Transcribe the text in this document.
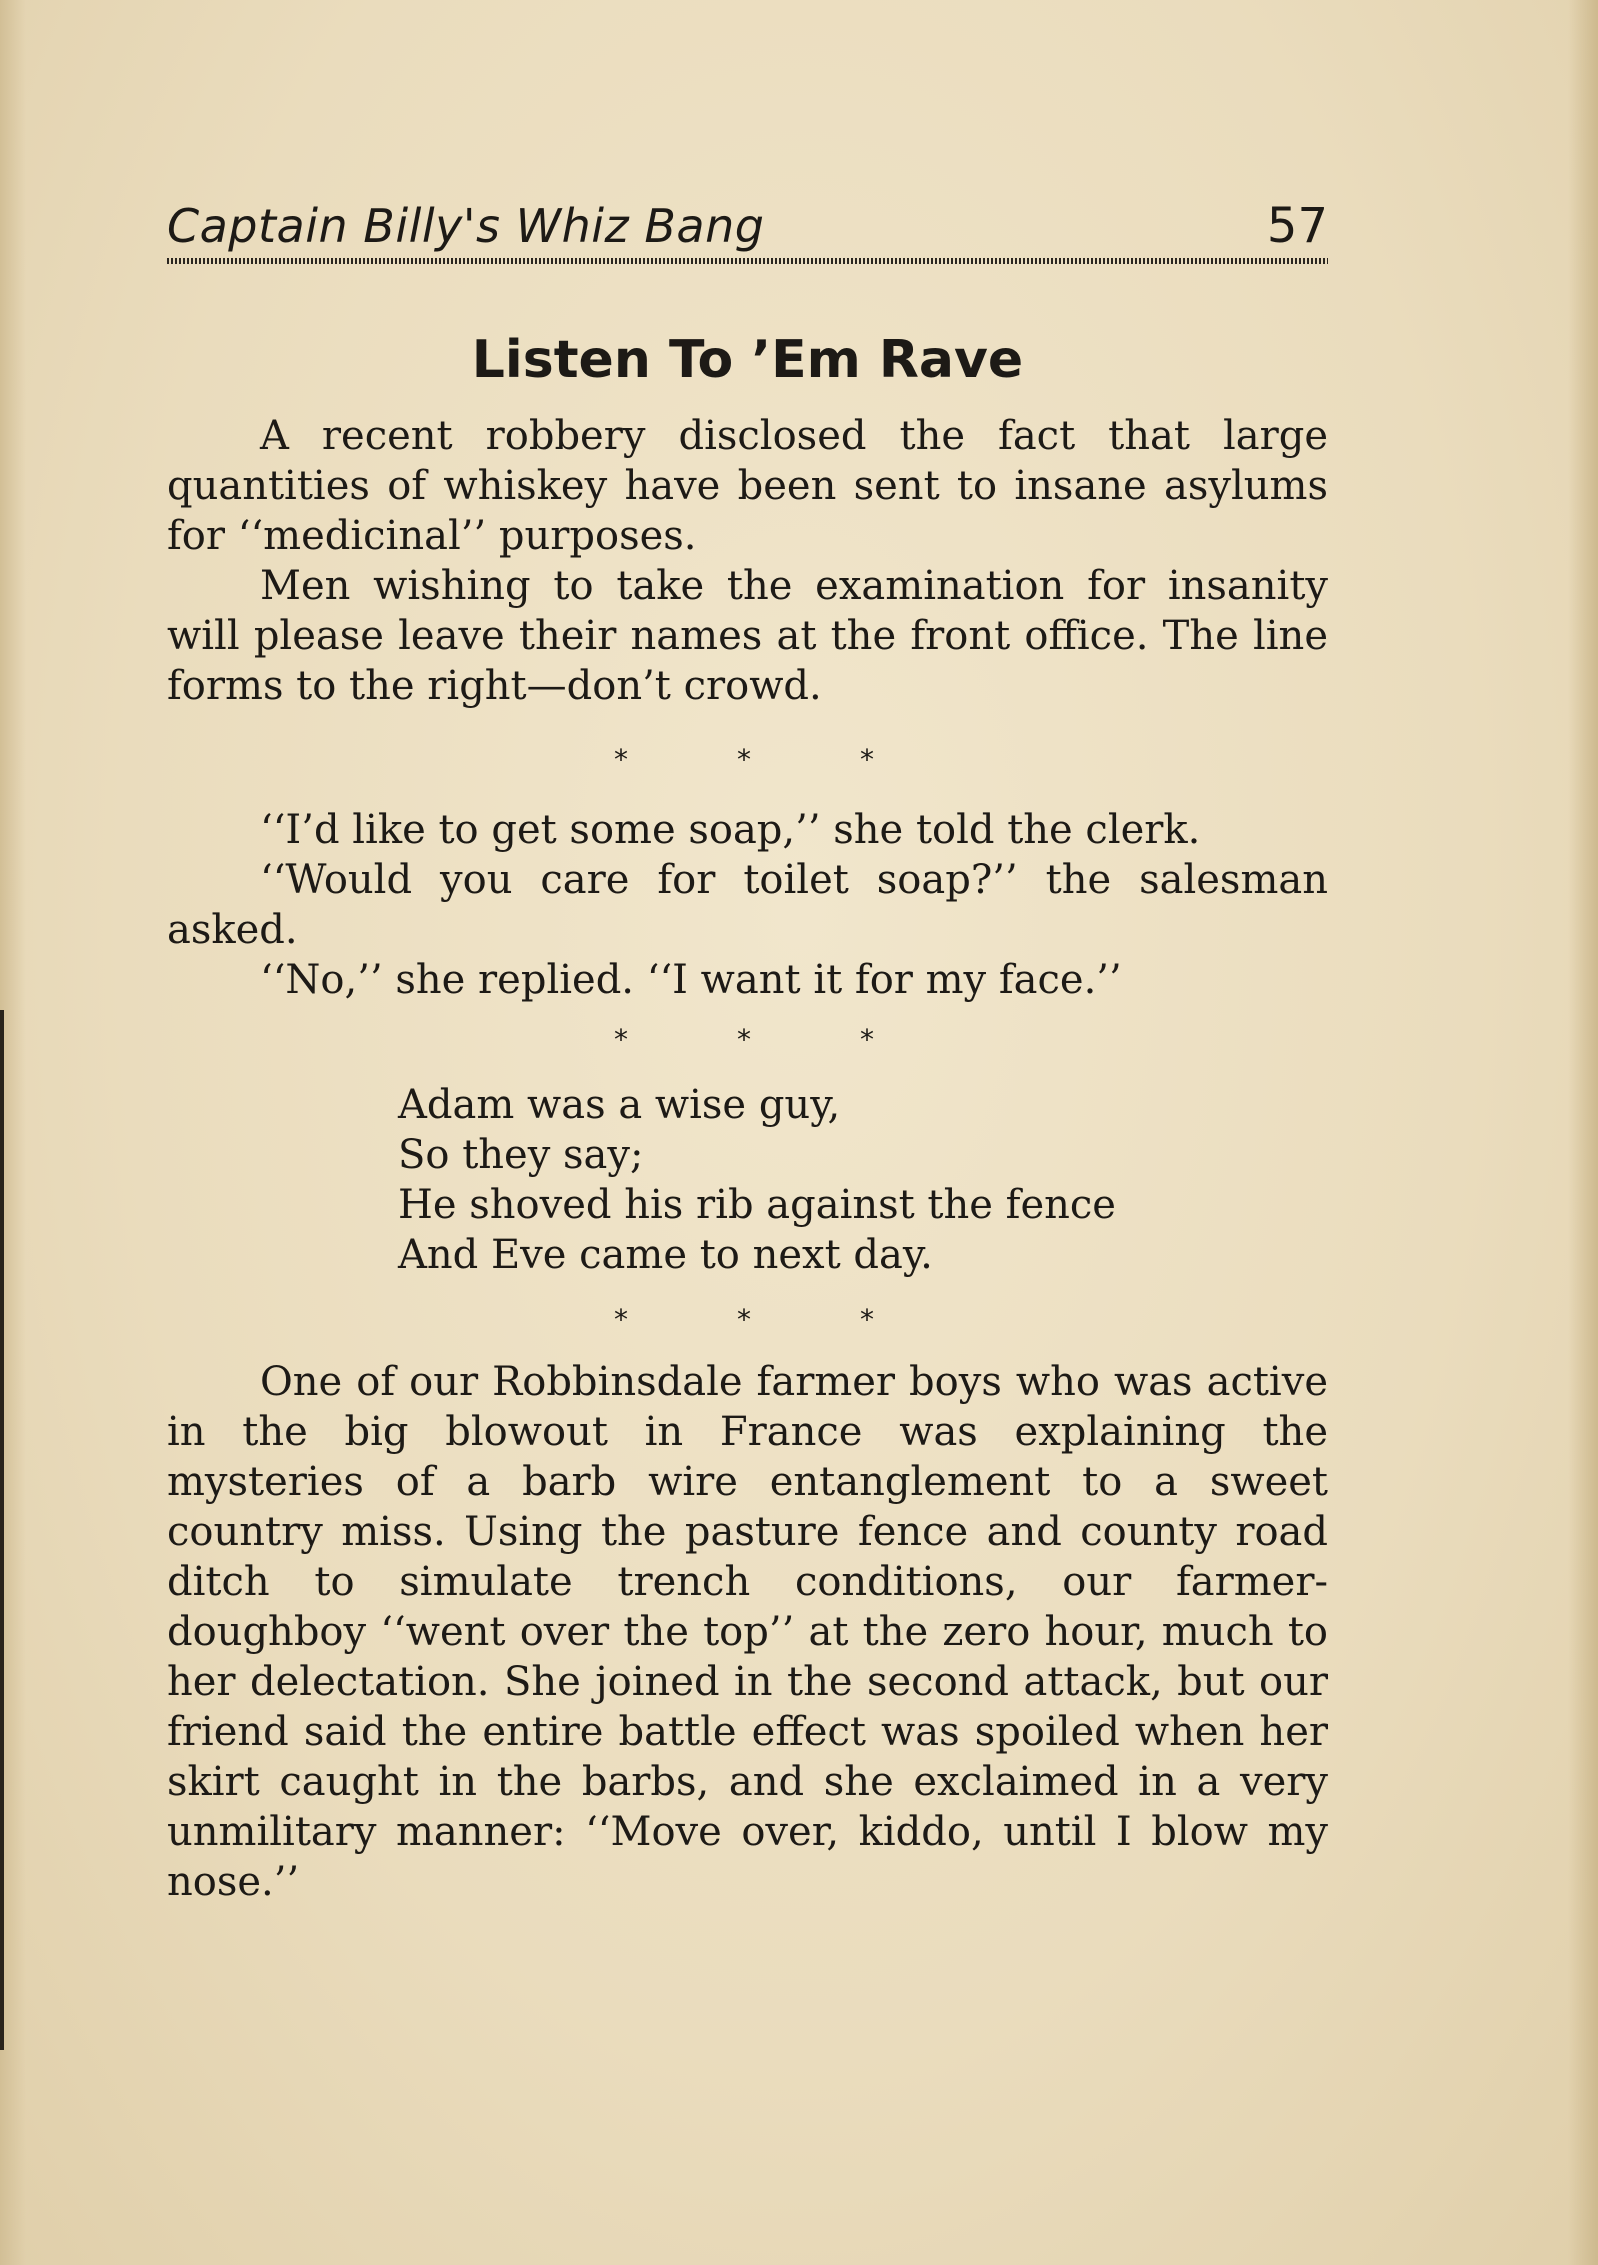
Captain Billy's Whiz Bang	57
Listen To ’Em Rave

A recent robbery disclosed the fact that large quantities of whiskey have been sent to insane asylums for ‘‘medicinal’’ purposes.

Men wishing to take the examination for insanity will please leave their names at the front office. The line forms to the right—don’t crowd.

*	*	*

‘‘I’d like to get some soap,’’ she told the clerk.

‘‘Would you care for toilet soap?’’ the salesman asked.

‘‘No,’’ she replied. ‘‘I want it for my face.’’

*	*	*
Adam was a wise guy,
So they say;
He shoved his rib against the fence
And Eve came to next day.
*	*	*

One of our Robbinsdale farmer boys who was active in the big blowout in France was explaining the mysteries of a barb wire entanglement to a sweet country miss. Using the pasture fence and county road ditch to simulate trench conditions, our farmer-doughboy ‘‘went over the top’’ at the zero hour, much to her delectation. She joined in the second attack, but our friend said the entire battle effect was spoiled when her skirt caught in the barbs, and she exclaimed in a very unmilitary manner: ‘‘Move over, kiddo, until I blow my nose.’’
